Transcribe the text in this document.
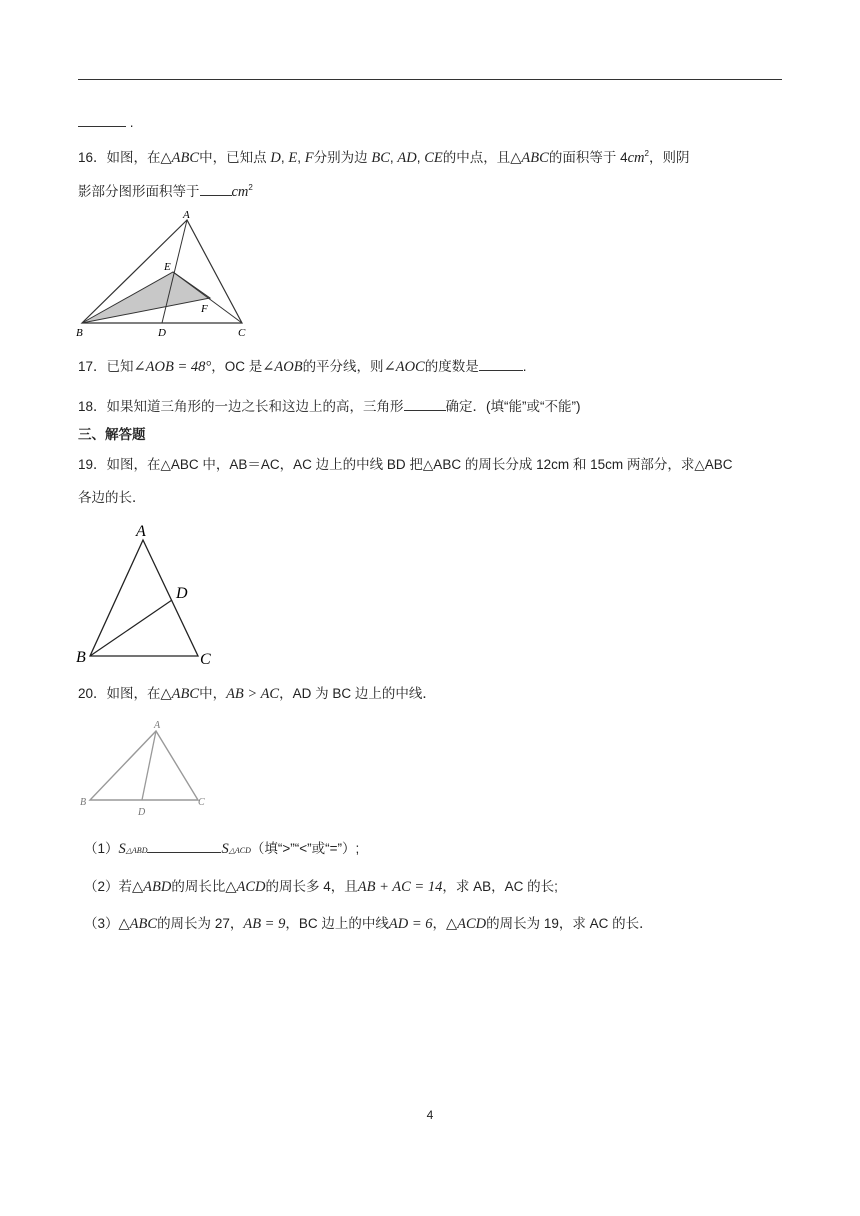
.
16．如图，在△ABC中，已知点 D, E, F分别为边 BC, AD, CE的中点，且△ABC的面积等于 $4cm^2$，则阴
影部分图形面积等于 $cm^2$
A
B	C
D
E
F
17．已知∠AOB = 48°，OC 是∠AOB的平分线，则∠AOC的度数是	.
18．如果知道三角形的一边之长和这边上的高，三角形	确定．(填“能”或“不能”)
三、解答题
19．如图，在△ABC 中，AB＝AC，AC 边上的中线 BD 把△ABC 的周长分成 12cm 和 15cm 两部分，求△ABC
各边的长．
A
B	C
D
20．如图，在△ABC中，AB > AC，AD 为 BC 边上的中线．
A
B	C
D
（1）S△ABD	S△ACD（填“>”“<”或“=”）;
（2）若△ABD的周长比△ACD的周长多 4，且AB + AC = 14，求 AB，AC 的长;
（3）△ABC的周长为 27，AB = 9，BC 边上的中线AD = 6，△ACD的周长为 19，求 AC 的长．
4
